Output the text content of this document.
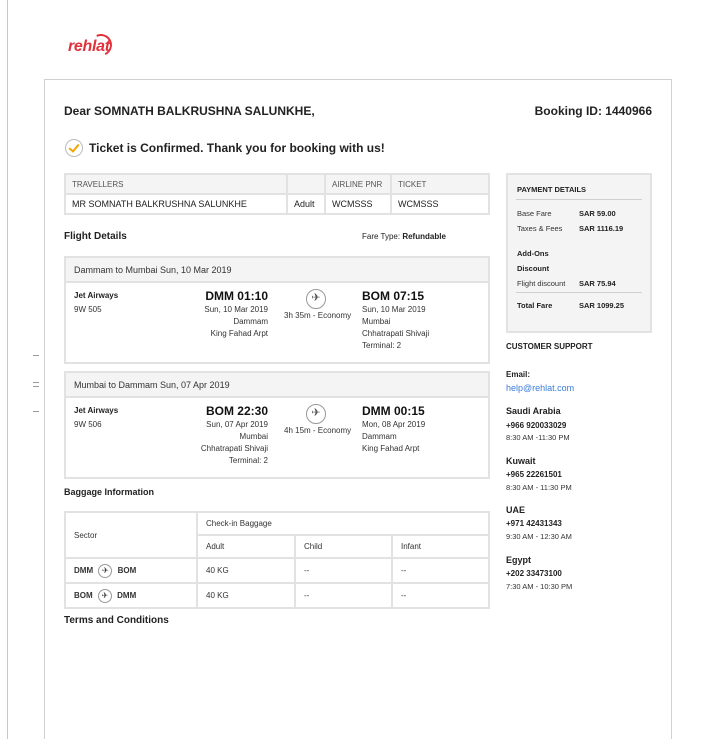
rehlat
Dear SOMNATH BALKRUSHNA SALUNKHE,	Booking ID: 1440966
Ticket is Confirmed. Thank you for booking with us!
TRAVELLERS		AIRLINE PNR	TICKET
MR SOMNATH BALKRUSHNA SALUNKHE	Adult	WCMSSS	WCMSSS
Flight Details	Fare Type: Refundable
Dammam to Mumbai Sun, 10 Mar 2019
Jet Airways
9W 505
DMM 01:10
Sun, 10 Mar 2019
Dammam
King Fahad Arpt
✈
3h 35m - Economy
BOM 07:15
Sun, 10 Mar 2019
Mumbai
Chhatrapati Shivaji
Terminal: 2
Mumbai to Dammam Sun, 07 Apr 2019
Jet Airways
9W 506
BOM 22:30
Sun, 07 Apr 2019
Mumbai
Chhatrapati Shivaji
Terminal: 2
✈
4h 15m - Economy
DMM 00:15
Mon, 08 Apr 2019
Dammam
King Fahad Arpt
Baggage Information
Sector	Check-in Baggage		
	Adult	Child	Infant
DMM ✈ BOM	40 KG	--	--
BOM ✈ DMM	40 KG	--	--
Terms and Conditions
PAYMENT DETAILS
Base Fare	SAR 59.00
Taxes & Fees SAR 1116.19
Add-Ons
Discount
Flight discount SAR 75.94
Total Fare	SAR 1099.25
CUSTOMER SUPPORT
Email:
help@rehlat.com
Saudi Arabia
+966 920033029
8:30 AM -11:30 PM
Kuwait
+965 22261501
8:30 AM - 11:30 PM
UAE
+971 42431343
9:30 AM - 12:30 AM
Egypt
+202 33473100
7:30 AM - 10:30 PM
